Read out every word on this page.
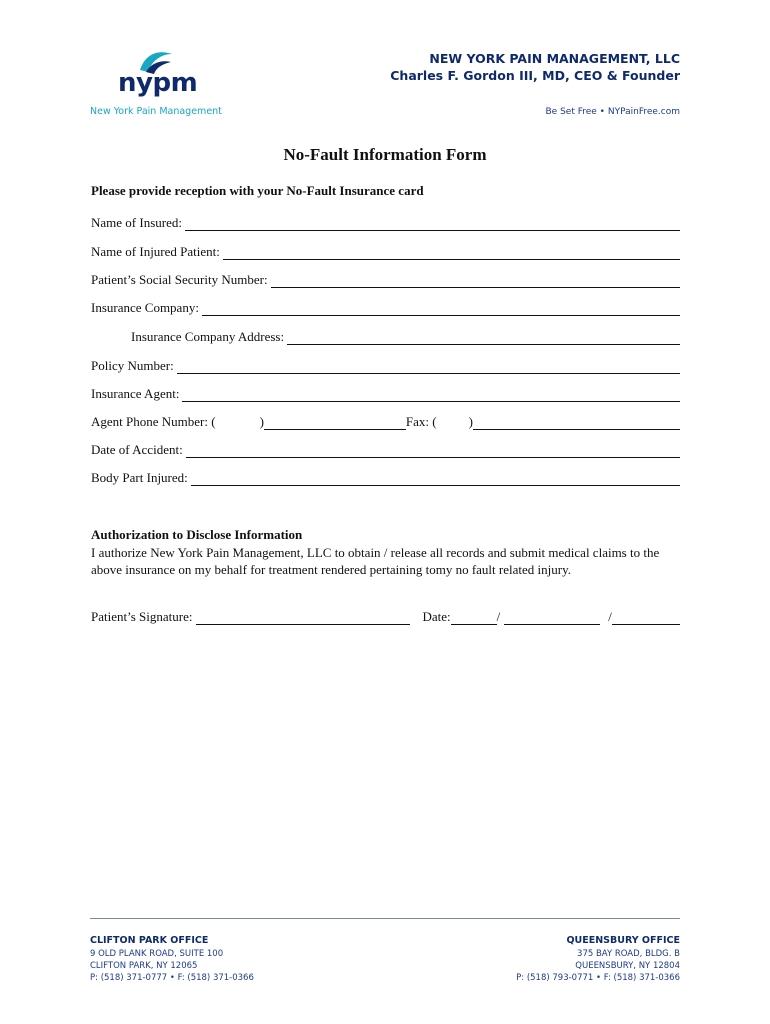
nypm
New York Pain Management
NEW YORK PAIN MANAGEMENT, LLC
Charles F. Gordon III, MD, CEO & Founder
Be Set Free • NYPainFree.com
No-Fault Information Form
Please provide reception with your No-Fault Insurance card
Name of Insured:
Name of Injured Patient:
Patient’s Social Security Number:
Insurance Company:
Insurance Company Address:
Policy Number:
Insurance Agent:
Agent Phone Number: (	)	Fax: ( )
Date of Accident:
Body Part Injured:
Authorization to Disclose Information
I authorize New York Pain Management, LLC to obtain / release all records and submit medical claims to the above insurance on my behalf for treatment rendered pertaining tomy no fault related injury.
Patient’s Signature:	Date:	/	/
CLIFTON PARK OFFICE
9 OLD PLANK ROAD, SUITE 100
CLIFTON PARK, NY 12065
P: (518) 371-0777 • F: (518) 371-0366
QUEENSBURY OFFICE
375 BAY ROAD, BLDG. B
QUEENSBURY, NY 12804
P: (518) 793-0771 • F: (518) 371-0366
